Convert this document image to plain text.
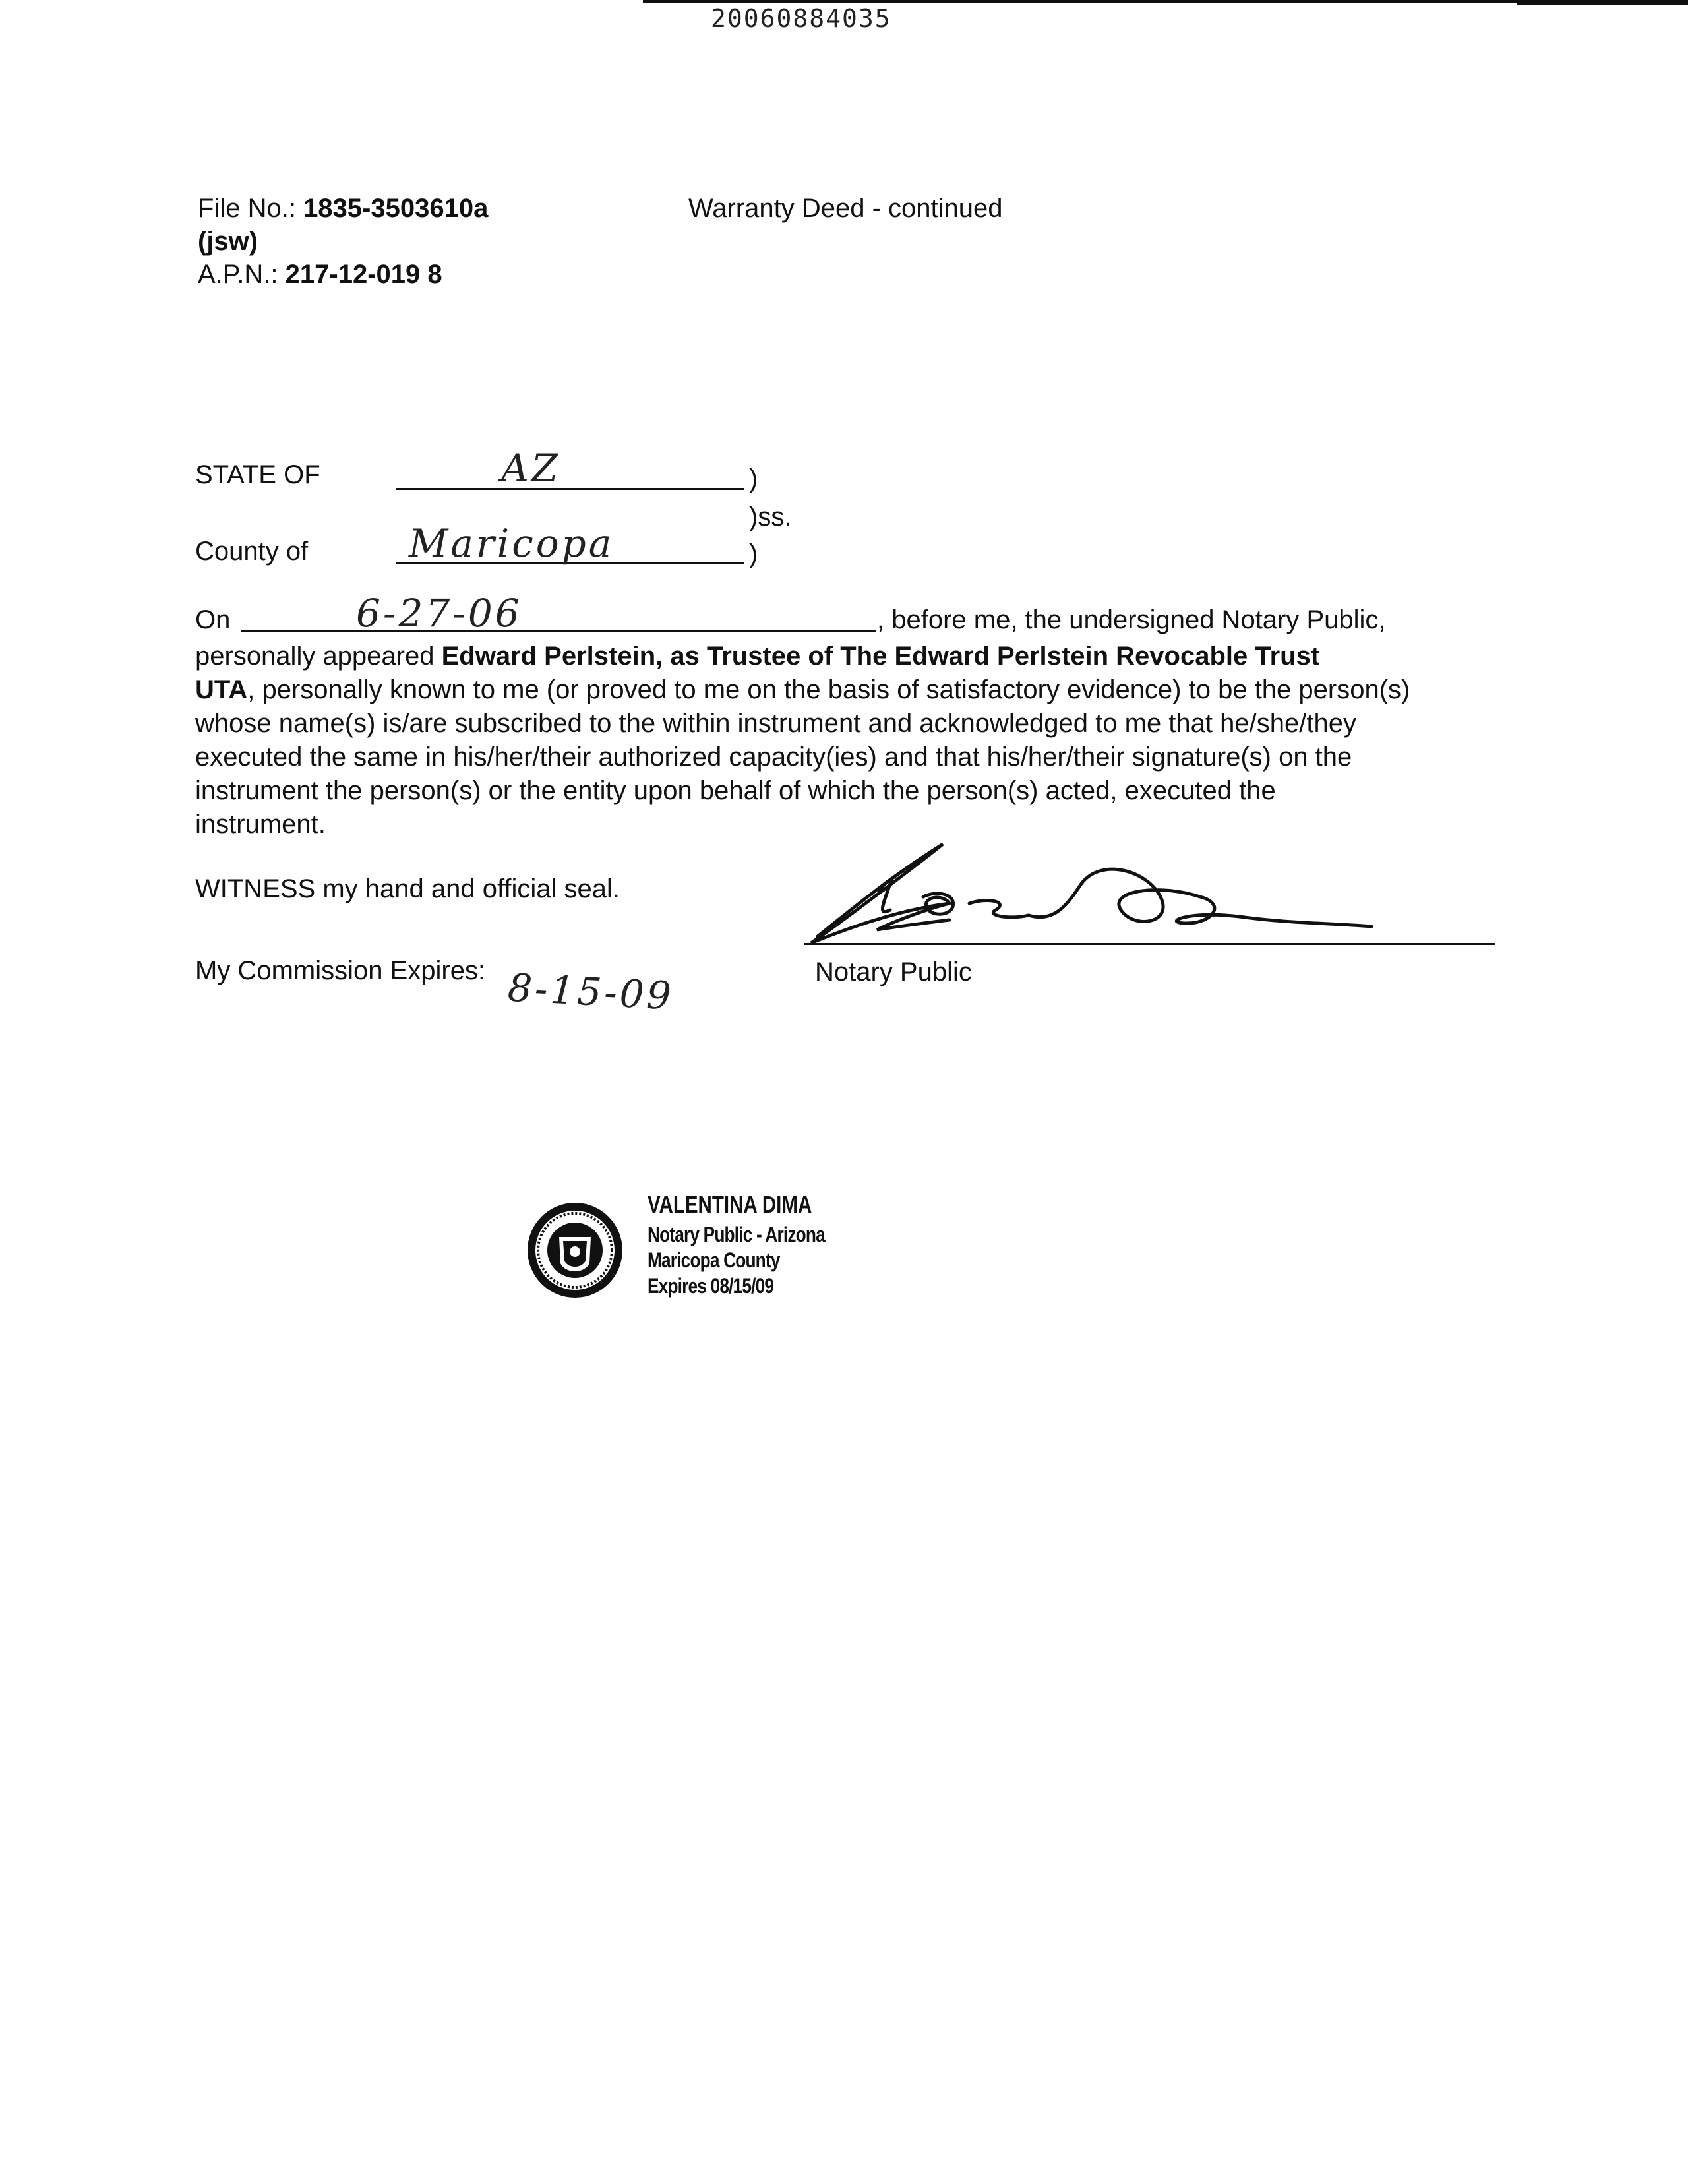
20060884035
File No.: 1835-3503610a
(jsw)
A.P.N.: 217-12-019 8
Warranty Deed - continued
STATE OF	AZ	)
)ss.
County of	Maricopa	)
On	6-27-06	, before me, the undersigned Notary Public,
personally appeared Edward Perlstein, as Trustee of The Edward Perlstein Revocable Trust
UTA, personally known to me (or proved to me on the basis of satisfactory evidence) to be the person(s)
whose name(s) is/are subscribed to the within instrument and acknowledged to me that he/she/they
executed the same in his/her/their authorized capacity(ies) and that his/her/their signature(s) on the
instrument the person(s) or the entity upon behalf of which the person(s) acted, executed the
instrument.
WITNESS my hand and official seal.
Notary Public
My Commission Expires: 8-15-09
VALENTINA DIMA
Notary Public - Arizona
Maricopa County
Expires 08/15/09
